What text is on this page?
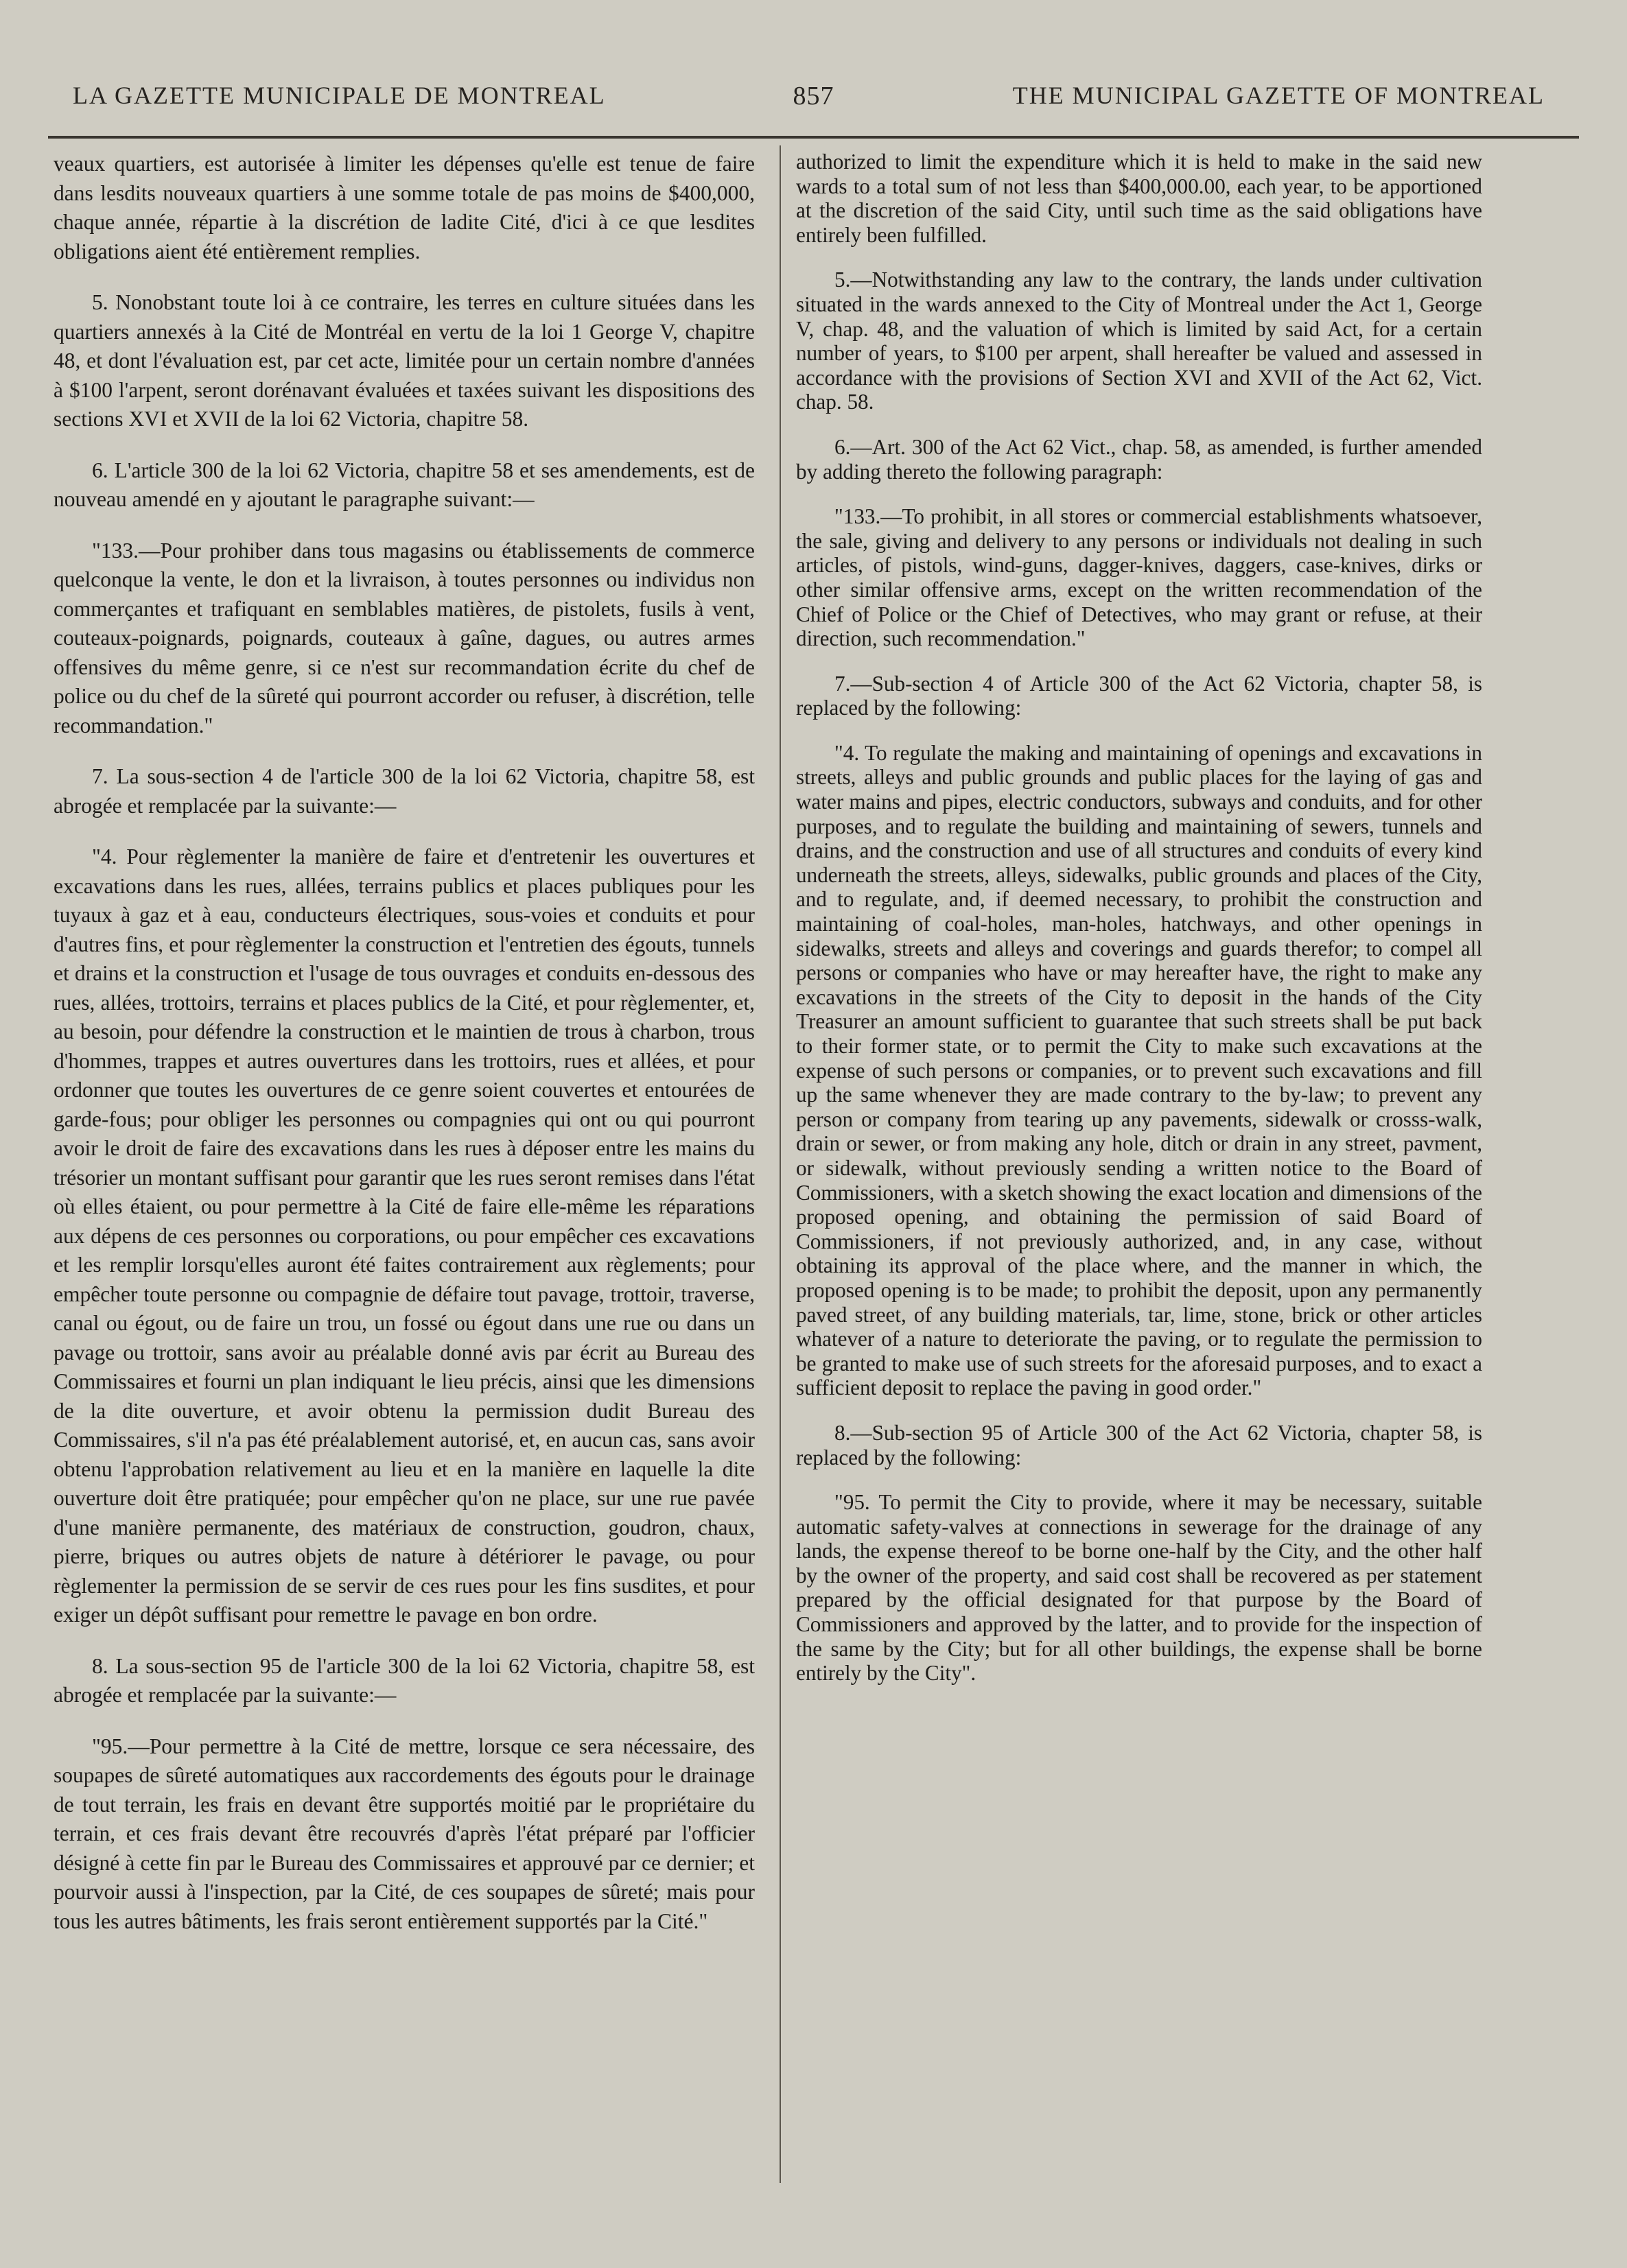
LA GAZETTE MUNICIPALE DE MONTREAL	857	THE MUNICIPAL GAZETTE OF MONTREAL

veaux quartiers, est autorisée à limiter les dépenses qu'elle est tenue de faire dans lesdits nouveaux quartiers à une somme totale de pas moins de $400,000, chaque année, répartie à la discrétion de ladite Cité, d'ici à ce que lesdites obligations aient été entièrement remplies.

5. Nonobstant toute loi à ce contraire, les terres en culture situées dans les quartiers annexés à la Cité de Montréal en vertu de la loi 1 George V, chapitre 48, et dont l'évaluation est, par cet acte, limitée pour un certain nombre d'années à $100 l'arpent, seront dorénavant évaluées et taxées suivant les dispositions des sections XVI et XVII de la loi 62 Victoria, chapitre 58.

6. L'article 300 de la loi 62 Victoria, chapitre 58 et ses amendements, est de nouveau amendé en y ajoutant le paragraphe suivant:—

"133.—Pour prohiber dans tous magasins ou établissements de commerce quelconque la vente, le don et la livraison, à toutes personnes ou individus non commerçantes et trafiquant en semblables matières, de pistolets, fusils à vent, couteaux-poignards, poignards, couteaux à gaîne, dagues, ou autres armes offensives du même genre, si ce n'est sur recommandation écrite du chef de police ou du chef de la sûreté qui pourront accorder ou refuser, à discrétion, telle recommandation."

7. La sous-section 4 de l'article 300 de la loi 62 Victoria, chapitre 58, est abrogée et remplacée par la suivante:—

"4. Pour règlementer la manière de faire et d'entretenir les ouvertures et excavations dans les rues, allées, terrains publics et places publiques pour les tuyaux à gaz et à eau, conducteurs électriques, sous-voies et conduits et pour d'autres fins, et pour règlementer la construction et l'entretien des égouts, tunnels et drains et la construction et l'usage de tous ouvrages et conduits en-dessous des rues, allées, trottoirs, terrains et places publics de la Cité, et pour règlementer, et, au besoin, pour défendre la construction et le maintien de trous à charbon, trous d'hommes, trappes et autres ouvertures dans les trottoirs, rues et allées, et pour ordonner que toutes les ouvertures de ce genre soient couvertes et entourées de garde-fous; pour obliger les personnes ou compagnies qui ont ou qui pourront avoir le droit de faire des excavations dans les rues à déposer entre les mains du trésorier un montant suffisant pour garantir que les rues seront remises dans l'état où elles étaient, ou pour permettre à la Cité de faire elle-même les réparations aux dépens de ces personnes ou corporations, ou pour empêcher ces excavations et les remplir lorsqu'elles auront été faites contrairement aux règlements; pour empêcher toute personne ou compagnie de défaire tout pavage, trottoir, traverse, canal ou égout, ou de faire un trou, un fossé ou égout dans une rue ou dans un pavage ou trottoir, sans avoir au préalable donné avis par écrit au Bureau des Commissaires et fourni un plan indiquant le lieu précis, ainsi que les dimensions de la dite ouverture, et avoir obtenu la permission dudit Bureau des Commissaires, s'il n'a pas été préalablement autorisé, et, en aucun cas, sans avoir obtenu l'approbation relativement au lieu et en la manière en laquelle la dite ouverture doit être pratiquée; pour empêcher qu'on ne place, sur une rue pavée d'une manière permanente, des matériaux de construction, goudron, chaux, pierre, briques ou autres objets de nature à détériorer le pavage, ou pour règlementer la permission de se servir de ces rues pour les fins susdites, et pour exiger un dépôt suffisant pour remettre le pavage en bon ordre.

8. La sous-section 95 de l'article 300 de la loi 62 Victoria, chapitre 58, est abrogée et remplacée par la suivante:—

"95.—Pour permettre à la Cité de mettre, lorsque ce sera nécessaire, des soupapes de sûreté automatiques aux raccordements des égouts pour le drainage de tout terrain, les frais en devant être supportés moitié par le propriétaire du terrain, et ces frais devant être recouvrés d'après l'état préparé par l'officier désigné à cette fin par le Bureau des Commissaires et approuvé par ce dernier; et pourvoir aussi à l'inspection, par la Cité, de ces soupapes de sûreté; mais pour tous les autres bâtiments, les frais seront entièrement supportés par la Cité."

authorized to limit the expenditure which it is held to make in the said new wards to a total sum of not less than $400,000.00, each year, to be apportioned at the discretion of the said City, until such time as the said obligations have entirely been fulfilled.

5.—Notwithstanding any law to the contrary, the lands under cultivation situated in the wards annexed to the City of Montreal under the Act 1, George V, chap. 48, and the valuation of which is limited by said Act, for a certain number of years, to $100 per arpent, shall hereafter be valued and assessed in accordance with the provisions of Section XVI and XVII of the Act 62, Vict. chap. 58.

6.—Art. 300 of the Act 62 Vict., chap. 58, as amended, is further amended by adding thereto the following paragraph:

"133.—To prohibit, in all stores or commercial establishments whatsoever, the sale, giving and delivery to any persons or individuals not dealing in such articles, of pistols, wind-guns, dagger-knives, daggers, case-knives, dirks or other similar offensive arms, except on the written recommendation of the Chief of Police or the Chief of Detectives, who may grant or refuse, at their direction, such recommendation."

7.—Sub-section 4 of Article 300 of the Act 62 Victoria, chapter 58, is replaced by the following:

"4. To regulate the making and maintaining of openings and excavations in streets, alleys and public grounds and public places for the laying of gas and water mains and pipes, electric conductors, subways and conduits, and for other purposes, and to regulate the building and maintaining of sewers, tunnels and drains, and the construction and use of all structures and conduits of every kind underneath the streets, alleys, sidewalks, public grounds and places of the City, and to regulate, and, if deemed necessary, to prohibit the construction and maintaining of coal-holes, man-holes, hatchways, and other openings in sidewalks, streets and alleys and coverings and guards therefor; to compel all persons or companies who have or may hereafter have, the right to make any excavations in the streets of the City to deposit in the hands of the City Treasurer an amount sufficient to guarantee that such streets shall be put back to their former state, or to permit the City to make such excavations at the expense of such persons or companies, or to prevent such excavations and fill up the same whenever they are made contrary to the by-law; to prevent any person or company from tearing up any pavements, sidewalk or crosss-walk, drain or sewer, or from making any hole, ditch or drain in any street, pavment, or sidewalk, without previously sending a written notice to the Board of Commissioners, with a sketch showing the exact location and dimensions of the proposed opening, and obtaining the permission of said Board of Commissioners, if not previously authorized, and, in any case, without obtaining its approval of the place where, and the manner in which, the proposed opening is to be made; to prohibit the deposit, upon any permanently paved street, of any building materials, tar, lime, stone, brick or other articles whatever of a nature to deteriorate the paving, or to regulate the permission to be granted to make use of such streets for the aforesaid purposes, and to exact a sufficient deposit to replace the paving in good order."

8.—Sub-section 95 of Article 300 of the Act 62 Victoria, chapter 58, is replaced by the following:

"95. To permit the City to provide, where it may be necessary, suitable automatic safety-valves at connections in sewerage for the drainage of any lands, the expense thereof to be borne one-half by the City, and the other half by the owner of the property, and said cost shall be recovered as per statement prepared by the official designated for that purpose by the Board of Commissioners and approved by the latter, and to provide for the inspection of the same by the City; but for all other buildings, the expense shall be borne entirely by the City".
